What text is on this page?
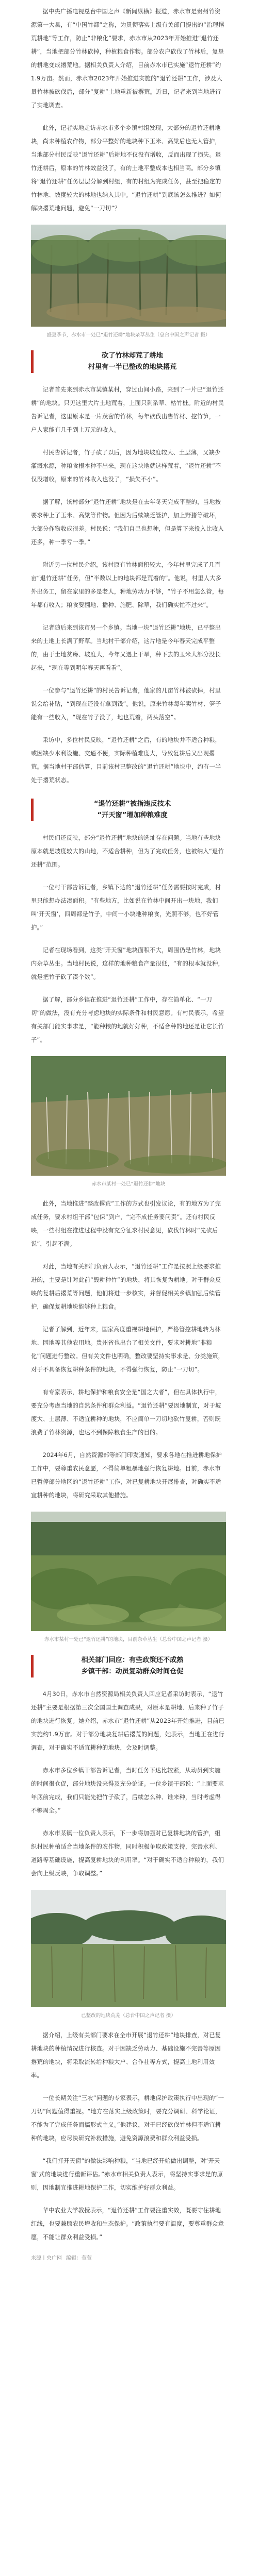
据中央广播电视总台中国之声《新闻纵横》报道，赤水市是贵州竹资源第一大县，有“中国竹都”之称，为贯彻落实上级有关部门提出的“治理撂荒耕地”等工作，防止“非粮化”要求，赤水市从2023年开始推进“退竹还耕”，当地把部分竹林砍掉，种植粮食作物。部分农户砍伐了竹林后，复垦的耕地变成撂荒地。据相关负责人介绍，目前赤水市已实施“退竹还耕”约1.9万亩。然而，赤水市2023年开始推进实施的“退竹还耕”工作，涉及大量竹林被砍伐后，部分“复耕”土地重新被撂荒。近日，记者来到当地进行了实地调查。

此外，记者实地走访赤水市多个乡镇村组发现，大部分的退竹还耕地块，尚未种植农作物，部分平整好的地块种下玉米、高粱后也无人管护，当地部分村民反映“退竹还耕”后耕地不仅没有增收，反而出现了损失。退竹还耕后，原本的竹林效益没了，有的土地平整成本也相当高。部分乡镇将“退竹还耕”任务层层分解到村组，有的村组为完成任务，甚至把稳定的竹林地、坡度较大的林地也纳入其中。“退竹还耕”到底该怎么推进？如何解决撂荒地问题，避免“一刀切”？

盛夏季节，赤水市一处已“退竹还耕”地块杂草丛生（总台中国之声记者 摄）
砍了竹林却荒了耕地
村里有一半已整改的地块撂荒

记者首先来到赤水市某镇某村，穿过山间小路，来到了一片已“退竹还耕”的地块。只见这里大片土地荒着，上面只剩杂草、枯竹桩。附近的村民告诉记者，这里原本是一片茂密的竹林，每年砍伐出售竹材、挖竹笋，一户人家能有几千到上万元的收入。

村民告诉记者，竹子砍了以后，因为地块坡度较大、土层薄，又缺少灌溉水源，种粮食根本种不出来。现在这块地就这样荒着，“退竹还耕”不仅没增收，原来的竹林收入也没了，“损失不小”。

据了解，该村部分“退竹还耕”地块是在去年冬天完成平整的，当地按要求种上了玉米、高粱等作物。但因为后续缺乏管护，加上野猪等破坏，大部分作物收成很差。村民说：“我们自己也想种，但是算下来投入比收入还多，种一季亏一季。”

附近另一位村民介绍，该村原有竹林面积较大，今年村里完成了几百亩“退竹还耕”任务，但“半数以上的地块都是荒着的”。他说，村里人大多外出务工，留在家里的多是老人，种地劳动力不够，“竹子不用怎么管，每年都有收入；粮食要翻地、播种、施肥、除草，我们确实忙不过来”。

记者随后来到该市另一个乡镇。当地一块“退竹还耕”地块，已平整出来的土地上长满了野草。当地村干部介绍，这片地是今年春天完成平整的，由于土地贫瘠、坡度大，今年又遇上干旱，种下去的玉米大部分没长起来，“现在等到明年春天再看看”。

一位参与“退竹还耕”的村民告诉记者，他家的几亩竹林被砍掉，村里说会给补贴，“到现在还没有拿到钱”。他说，原来竹林每年卖竹材、笋子能有一些收入，“现在竹子没了，地也荒着，两头落空”。

采访中，多位村民反映，“退竹还耕”之后，有的地块并不适合种粮，或因缺少水利设施、交通不便，实际种植难度大，导致复耕后又出现撂荒。据当地村干部估算，目前该村已整改的“退竹还耕”地块中，约有一半处于撂荒状态。

“退竹还耕”被指违反技术
“开天窗”增加种粮难度

村民们还反映，部分“退竹还耕”地块的选址存在问题。当地有些地块原本就是坡度较大的山地，不适合耕种，但为了完成任务，也被纳入“退竹还耕”范围。

一位村干部告诉记者，乡镇下达的“退竹还耕”任务需要按时完成，村里只能想办法凑面积。“有些地方，比如说在竹林中间开出一块地，我们叫‘开天窗’，四周都是竹子，中间一小块地种粮食，光照不够，也不好管护。”

记者在现场看到，这类“开天窗”地块面积不大，周围仍是竹林，地块内杂草丛生。当地村民说，这样的地种粮食产量很低，“有的根本就没种，就是把竹子砍了凑个数”。

据了解，部分乡镇在推进“退竹还耕”工作中，存在简单化、“一刀切”的做法，没有充分考虑地块的实际条件和村民意愿。有村民表示，希望有关部门能实事求是，“能种粮的地就好好种，不适合种的地还是让它长竹子”。

赤水市某村一处已“退竹还耕”地块

此外，当地推进“整改撂荒”工作的方式也引发议论，有的地方为了完成任务，要求村组干部“包保”到户，“完不成任务要问责”。还有村民反映，一些村组在推进过程中没有充分征求村民意见，砍伐竹林时“先砍后说”，引起不满。

对此，当地有关部门负责人表示，“退竹还耕”工作是按照上级要求推进的，主要是针对此前“毁耕种竹”的地块，将其恢复为耕地。对于群众反映的复耕后撂荒等问题，他们将进一步核实，并督促相关乡镇加强后续管护，确保复耕地块能够种上粮食。

记者了解到，近年来，国家高度重视耕地保护，严格管控耕地转为林地、园地等其他农用地。贵州省也出台了相关文件，要求对耕地“非粮化”问题进行整改。但有关文件也明确，整改要坚持实事求是、分类施策，对于不具备恢复耕种条件的地块，不得强行恢复，防止“一刀切”。

有专家表示，耕地保护和粮食安全是“国之大者”，但在具体执行中，要充分考虑当地的自然条件和群众利益。“退竹还耕”要因地制宜，对于坡度大、土层薄、不适宜耕种的地块，不应简单一刀切地砍竹复耕，否则既浪费了竹林资源，也达不到保障粮食生产的目的。

2024年6月，自然资源部等部门印发通知，要求各地在推进耕地保护工作中，要尊重农民意愿，不得简单粗暴地强行恢复耕地。目前，赤水市已暂停部分地区的“退竹还耕”工作，对已复耕地块开展排查，对确实不适宜耕种的地块，将研究采取其他措施。

赤水市某村一处已“退竹还耕”的地块，目前杂草丛生（总台中国之声记者 摄）
相关部门回应：有些政策还不成熟
乡镇干部：动员复动群众时间仓促

4月30日，赤水市自然资源局相关负责人回应记者采访时表示，“退竹还耕”主要是根据第三次全国国土调查成果，对原本是耕地、后来种了竹子的地块进行恢复。她介绍，赤水市“退竹还耕”从2023年开始推进，目前已实施约1.9万亩。对于部分地块复耕后撂荒的问题，她表示，当地正在进行调查，对于确实不适宜耕种的地块，会及时调整。

赤水市多位乡镇干部告诉记者，当时任务下达比较紧，从动员到实施的时间很仓促，部分地块没来得及充分论证。一位乡镇干部说：“上面要求年底前完成，我们只能先把竹子砍了，后续怎么种、谁来种，当时考虑得不够周全。”

赤水市某镇一位负责人表示，下一步将加强对已复耕地块的管护，组织村民种植适合当地条件的农作物，同时积极争取政策支持，完善水利、道路等基础设施，提高复耕地块的利用率。“对于确实不适合种粮的，我们会向上级反映，争取调整。”

已整改的地块荒芜（总台中国之声记者 摄）

据介绍，上级有关部门要求在全市开展“退竹还耕”地块排查，对已复耕地块的种植情况进行核查。对于因缺乏劳动力、基础设施不完善等原因撂荒的地块，将采取流转给种粮大户、合作社等方式，提高土地利用效率。

一位长期关注“三农”问题的专家表示，耕地保护政策执行中出现的“一刀切”问题值得重视。“地方在落实上级政策时，要充分调研、科学论证，不能为了完成任务而搞形式主义。”他建议，对于已经砍伐竹林但不适宜耕种的地块，应尽快研究补救措施，避免资源浪费和群众利益受损。

“我们打开天窗”的做法影响种粮，“当地已经开始做出调整，对‘开天窗’式的地块进行重新评估。”赤水市相关负责人表示，将坚持实事求是的原则，因地制宜推进耕地保护工作，切实维护好群众利益。

华中农业大学教授表示，“退竹还耕”工作要注重实效，既要守住耕地红线，也要兼顾农民增收和生态保护。“政策执行要有温度，要尊重群众意愿，不能让群众利益受损。”

来源丨央广网 编辑：萱萱
